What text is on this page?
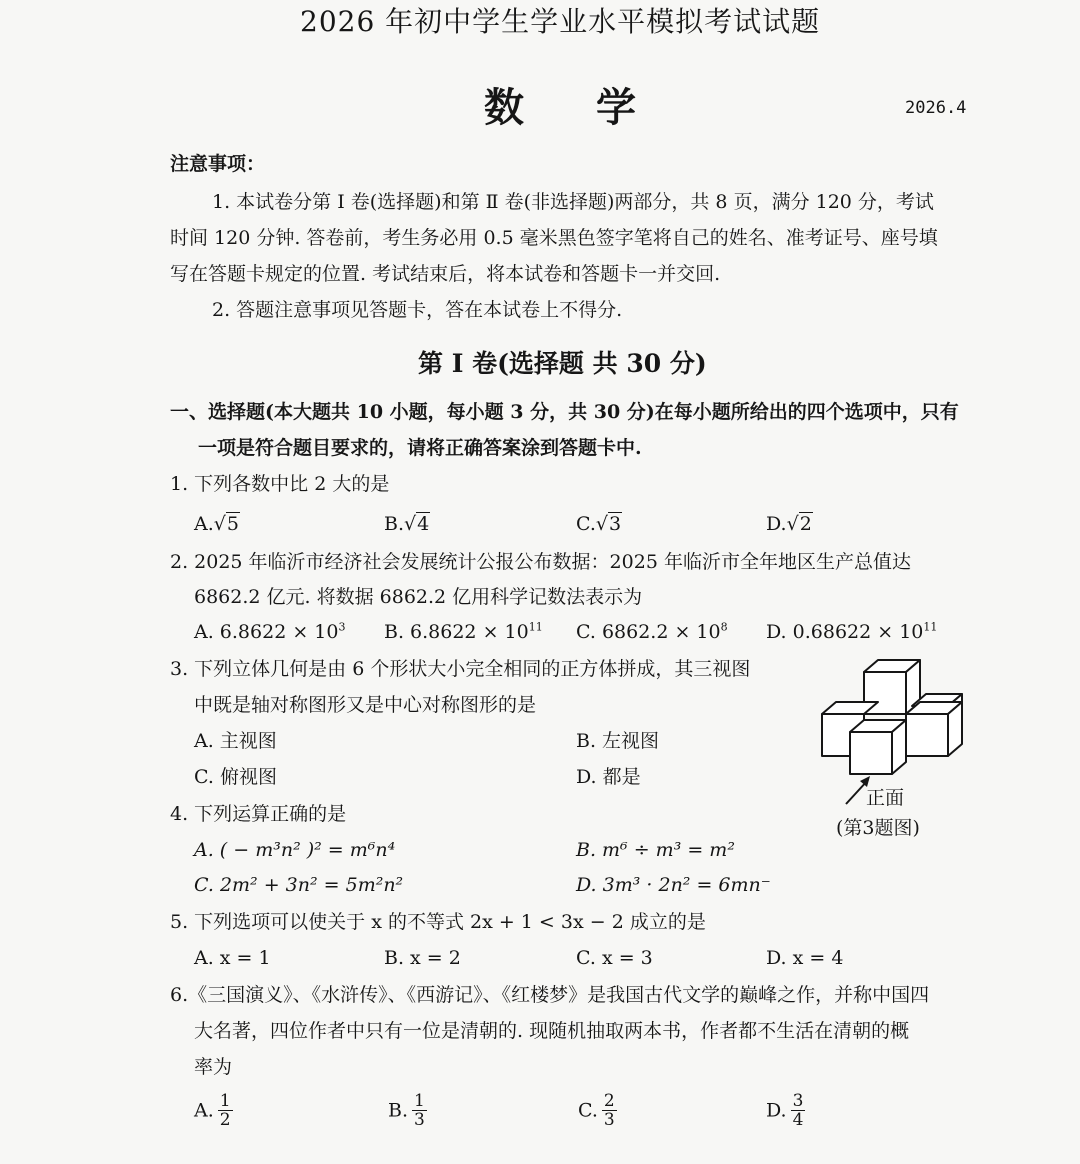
2026 年初中学生学业水平模拟考试试题
数学	2026.4
注意事项：
1. 本试卷分第 Ⅰ 卷(选择题)和第 Ⅱ 卷(非选择题)两部分，共 8 页，满分 120 分，考试
时间 120 分钟. 答卷前，考生务必用 0.5 毫米黑色签字笔将自己的姓名、准考证号、座号填
写在答题卡规定的位置. 考试结束后，将本试卷和答题卡一并交回.
2. 答题注意事项见答题卡，答在本试卷上不得分.
第 Ⅰ 卷(选择题 共 30 分)
一、选择题(本大题共 10 小题，每小题 3 分，共 30 分)在每小题所给出的四个选项中，只有
一项是符合题目要求的，请将正确答案涂到答题卡中.
1. 下列各数中比 2 大的是
A.√5	B.√4	C.√3	D.√2
2. 2025 年临沂市经济社会发展统计公报公布数据：2025 年临沂市全年地区生产总值达
6862.2 亿元. 将数据 6862.2 亿用科学记数法表示为
A. $6.8622 \times 10^3$ B. $6.8622 \times 10^{11}$ C. $6862.2 \times 10^8$ D. $0.68622 \times 10^{11}$
3. 下列立体几何是由 6 个形状大小完全相同的正方体拼成，其三视图
中既是轴对称图形又是中心对称图形的是
A. 主视图	B. 左视图
C. 俯视图	D. 都是
正面
(第3题图)
4. 下列运算正确的是
A. ( − m³n² )² = m⁶n⁴	B. m⁶ ÷ m³ = m²
C. 2m² + 3n² = 5m²n²	D. 3m³ · 2n² = 6mn⁻
5. 下列选项可以使关于 x 的不等式 2x + 1 < 3x − 2 成立的是
A. x = 1	B. x = 2	C. x = 3	D. x = 4
6.《三国演义》、《水浒传》、《西游记》、《红楼梦》是我国古代文学的巅峰之作，并称中国四
大名著，四位作者中只有一位是清朝的. 现随机抽取两本书，作者都不生活在清朝的概
率为
A. $\frac{1}{2}$	B. $\frac{1}{3}$	C. $\frac{2}{3}$	D. $\frac{3}{4}$
